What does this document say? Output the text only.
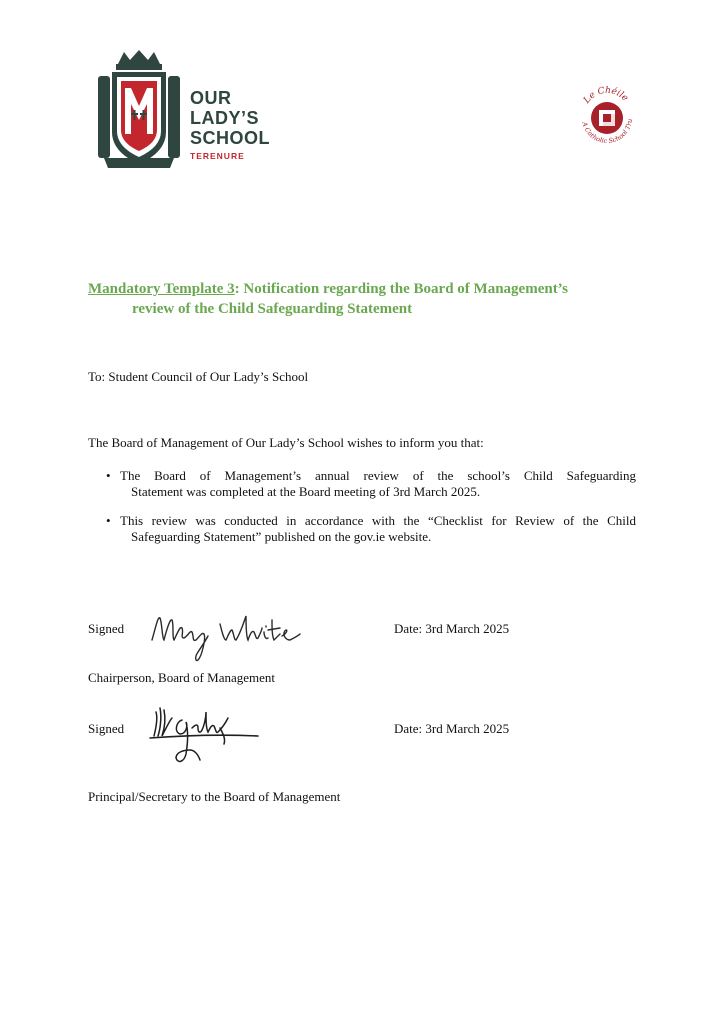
OUR
LADY’S
SCHOOL
TERENURE
Le Chéile
A Catholic School Tru
Mandatory Template 3: Notification regarding the Board of Management’s
review of the Child Safeguarding Statement
To: Student Council of Our Lady’s School
The Board of Management of Our Lady’s School wishes to inform you that:
• The Board of Management’s annual review of the school’s Child Safeguarding
Statement was completed at the Board meeting of 3rd March 2025.
• This review was conducted in accordance with the “Checklist for Review of the Child
Safeguarding Statement” published on the gov.ie website.
Signed	Date: 3rd March 2025
Chairperson, Board of Management
Signed	Date: 3rd March 2025
Principal/Secretary to the Board of Management
